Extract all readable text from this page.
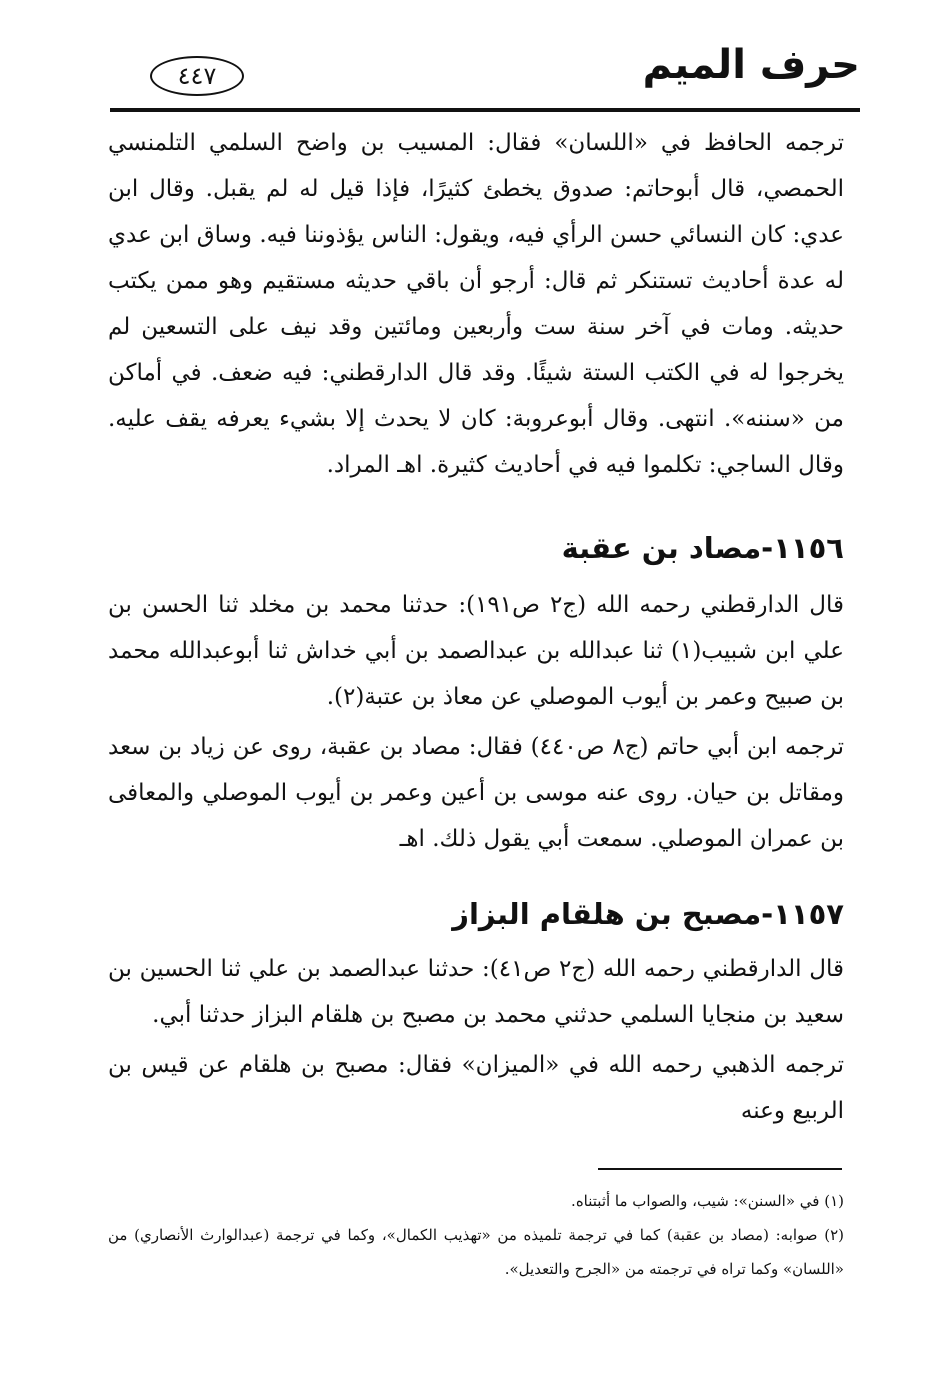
٤٤٧	حرف الميم

ترجمه الحافظ في «اللسان» فقال: المسيب بن واضح السلمي التلمنسي الحمصي، قال أبوحاتم: صدوق يخطئ كثيرًا، فإذا قيل له لم يقبل. وقال ابن عدي: كان النسائي حسن الرأي فيه، ويقول: الناس يؤذوننا فيه. وساق ابن عدي له عدة أحاديث تستنكر ثم قال: أرجو أن باقي حديثه مستقيم وهو ممن يكتب حديثه. ومات في آخر سنة ست وأربعين ومائتين وقد نيف على التسعين لم يخرجوا له في الكتب الستة شيئًا. وقد قال الدارقطني: فيه ضعف. في أماكن من «سننه». انتهى. وقال أبوعروبة: كان لا يحدث إلا بشيء يعرفه يقف عليه. وقال الساجي: تكلموا فيه في أحاديث كثيرة. اهـ المراد.

١١٥٦-مصاد بن عقبة

قال الدارقطني رحمه الله (ج٢ ص١٩١): حدثنا محمد بن مخلد ثنا الحسن بن علي ابن شبيب(١) ثنا عبدالله بن عبدالصمد بن أبي خداش ثنا أبوعبدالله محمد بن صبيح وعمر بن أيوب الموصلي عن معاذ بن عتبة(٢).

ترجمه ابن أبي حاتم (ج٨ ص٤٤٠) فقال: مصاد بن عقبة، روى عن زياد بن سعد ومقاتل بن حيان. روى عنه موسى بن أعين وعمر بن أيوب الموصلي والمعافى بن عمران الموصلي. سمعت أبي يقول ذلك. اهـ

١١٥٧-مصبح بن هلقام البزاز

قال الدارقطني رحمه الله (ج٢ ص٤١): حدثنا عبدالصمد بن علي ثنا الحسين بن سعيد بن منجايا السلمي حدثني محمد بن مصبح بن هلقام البزاز حدثنا أبي.

ترجمه الذهبي رحمه الله في «الميزان» فقال: مصبح بن هلقام عن قيس بن الربيع وعنه

(١) في «السنن»: شيب، والصواب ما أثبتناه.

(٢) صوابه: (مصاد بن عقبة) كما في ترجمة تلميذه من «تهذيب الكمال»، وكما في ترجمة (عبدالوارث الأنصاري) من «اللسان» وكما تراه في ترجمته من «الجرح والتعديل».
